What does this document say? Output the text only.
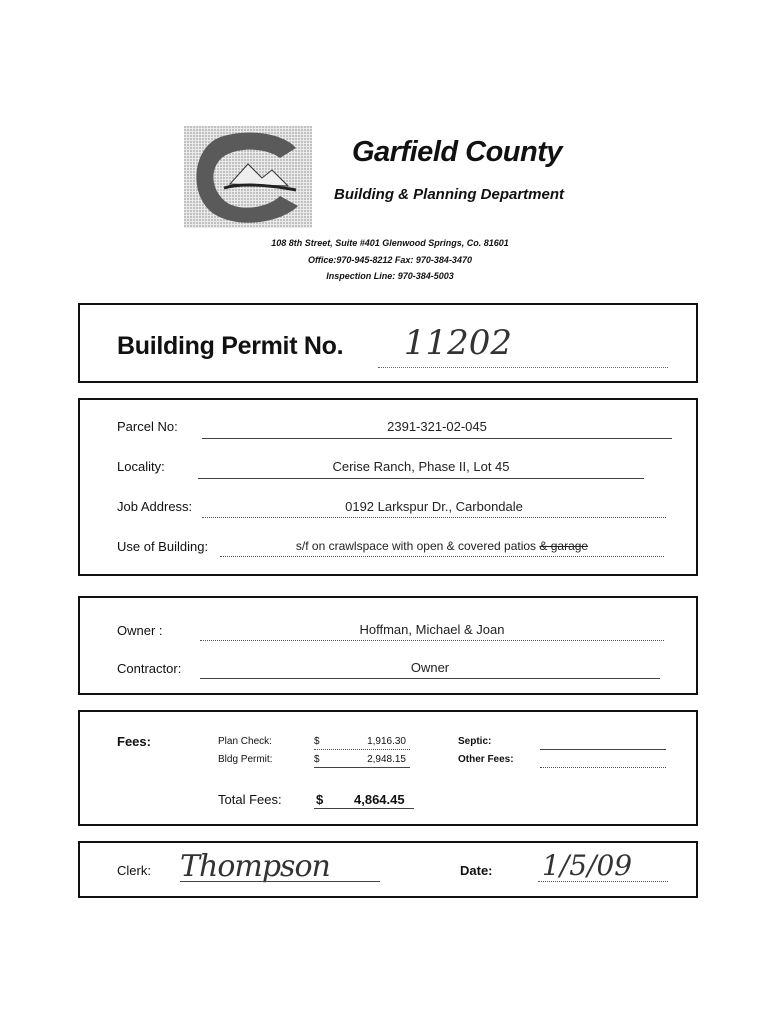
Garfield County
Building & Planning Department
108 8th Street, Suite #401 Glenwood Springs, Co. 81601
Office:970-945-8212 Fax: 970-384-3470
Inspection Line: 970-384-5003
Building Permit No. 11202
Parcel No:	2391-321-02-045
Locality:	Cerise Ranch, Phase II, Lot 45
Job Address:	0192 Larkspur Dr., Carbondale
Use of Building:	s/f on crawlspace with open & covered patios & garage
Owner :	Hoffman, Michael & Joan
Contractor:	Owner
Fees:	Plan Check:	$	1,916.30
Bldg Permit:	$	2,948.15
Septic:
Other Fees:
Total Fees:	$ 4,864.45
Clerk: Thompson	Date: 1/5/09
